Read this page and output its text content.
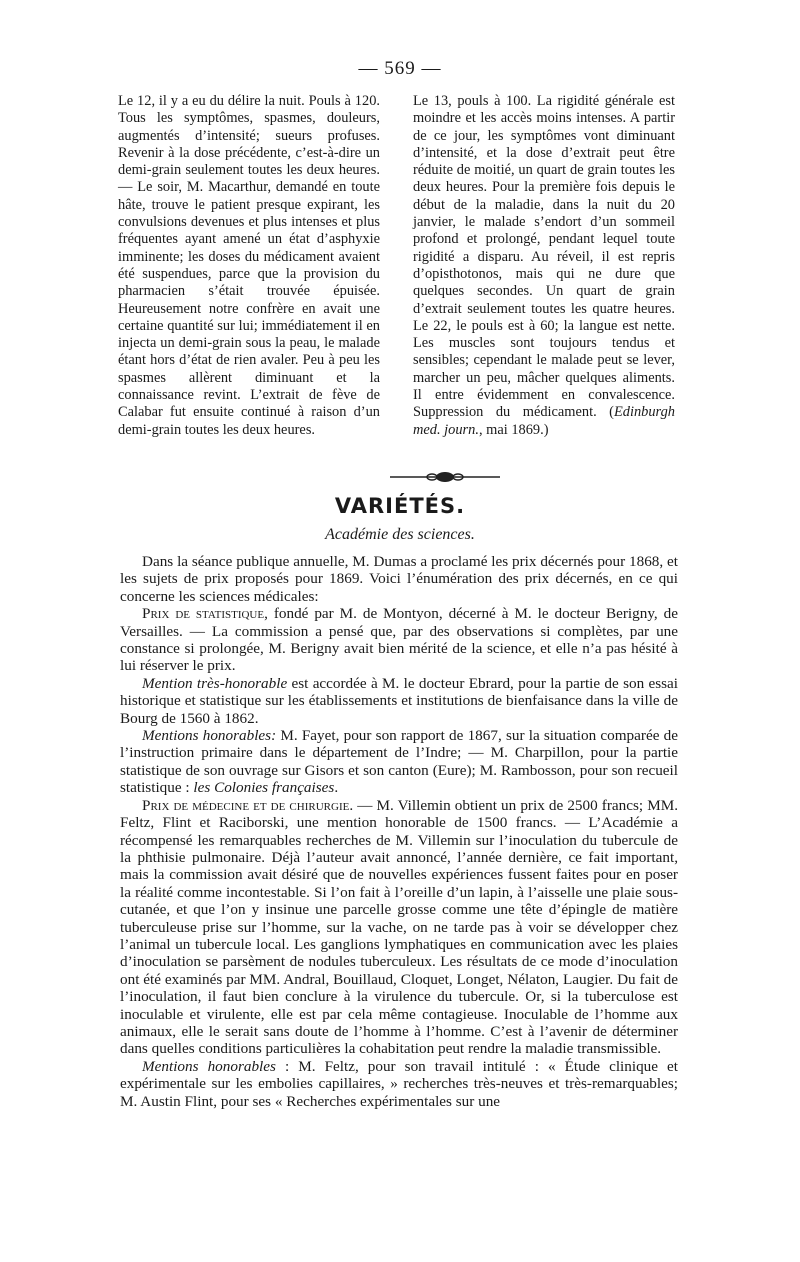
— 569 —

Le 12, il y a eu du délire la nuit. Pouls à 120. Tous les symptômes, spasmes, douleurs, augmentés d’intensité; sueurs profuses. Revenir à la dose précédente, c’est-à-dire un demi-grain seulement toutes les deux heures. — Le soir, M. Macarthur, demandé en toute hâte, trouve le patient presque expirant, les convulsions devenues et plus intenses et plus fréquentes ayant amené un état d’asphyxie imminente; les doses du médicament avaient été suspendues, parce que la provision du pharmacien s’était trouvée épuisée. Heureusement notre confrère en avait une certaine quantité sur lui; immédiatement il en injecta un demi-grain sous la peau, le malade étant hors d’état de rien avaler. Peu à peu les spasmes allèrent diminuant et la connaissance revint. L’extrait de fève de Calabar fut ensuite continué à raison d’un demi-grain toutes les deux heures.

Le 13, pouls à 100. La rigidité générale est moindre et les accès moins intenses. A partir de ce jour, les symptômes vont diminuant d’intensité, et la dose d’extrait peut être réduite de moitié, un quart de grain toutes les deux heures. Pour la première fois depuis le début de la maladie, dans la nuit du 20 janvier, le malade s’endort d’un sommeil profond et prolongé, pendant lequel toute rigidité a disparu. Au réveil, il est repris d’opisthotonos, mais qui ne dure que quelques secondes. Un quart de grain d’extrait seulement toutes les quatre heures. Le 22, le pouls est à 60; la langue est nette. Les muscles sont toujours tendus et sensibles; cependant le malade peut se lever, marcher un peu, mâcher quelques aliments. Il entre évidemment en convalescence. Suppression du médicament. (Edinburgh med. journ., mai 1869.)

VARIÉTÉS.
Académie des sciences.

Dans la séance publique annuelle, M. Dumas a proclamé les prix décernés pour 1868, et les sujets de prix proposés pour 1869. Voici l’énumération des prix décernés, en ce qui concerne les sciences médicales:

Prix de statistique, fondé par M. de Montyon, décerné à M. le docteur Berigny, de Versailles. — La commission a pensé que, par des observations si complètes, par une constance si prolongée, M. Berigny avait bien mérité de la science, et elle n’a pas hésité à lui réserver le prix.

Mention très-honorable est accordée à M. le docteur Ebrard, pour la partie de son essai historique et statistique sur les établissements et institutions de bienfaisance dans la ville de Bourg de 1560 à 1862.

Mentions honorables: M. Fayet, pour son rapport de 1867, sur la situation comparée de l’instruction primaire dans le département de l’Indre; — M. Charpillon, pour la partie statistique de son ouvrage sur Gisors et son canton (Eure); M. Rambosson, pour son recueil statistique : les Colonies françaises.

Prix de médecine et de chirurgie. — M. Villemin obtient un prix de 2500 francs; MM. Feltz, Flint et Raciborski, une mention honorable de 1500 francs. — L’Académie a récompensé les remarquables recherches de M. Villemin sur l’inoculation du tubercule de la phthisie pulmonaire. Déjà l’auteur avait annoncé, l’année dernière, ce fait important, mais la commission avait désiré que de nouvelles expériences fussent faites pour en poser la réalité comme incontestable. Si l’on fait à l’oreille d’un lapin, à l’aisselle une plaie sous-cutanée, et que l’on y insinue une parcelle grosse comme une tête d’épingle de matière tuberculeuse prise sur l’homme, sur la vache, on ne tarde pas à voir se développer chez l’animal un tubercule local. Les ganglions lymphatiques en communication avec les plaies d’inoculation se parsèment de nodules tuberculeux. Les résultats de ce mode d’inoculation ont été examinés par MM. Andral, Bouillaud, Cloquet, Longet, Nélaton, Laugier. Du fait de l’inoculation, il faut bien conclure à la virulence du tubercule. Or, si la tuberculose est inoculable et virulente, elle est par cela même contagieuse. Inoculable de l’homme aux animaux, elle le serait sans doute de l’homme à l’homme. C’est à l’avenir de déterminer dans quelles conditions particulières la cohabitation peut rendre la maladie transmissible.

Mentions honorables : M. Feltz, pour son travail intitulé : « Étude clinique et expérimentale sur les embolies capillaires, » recherches très-neuves et très-remarquables; M. Austin Flint, pour ses « Recherches expérimentales sur une
